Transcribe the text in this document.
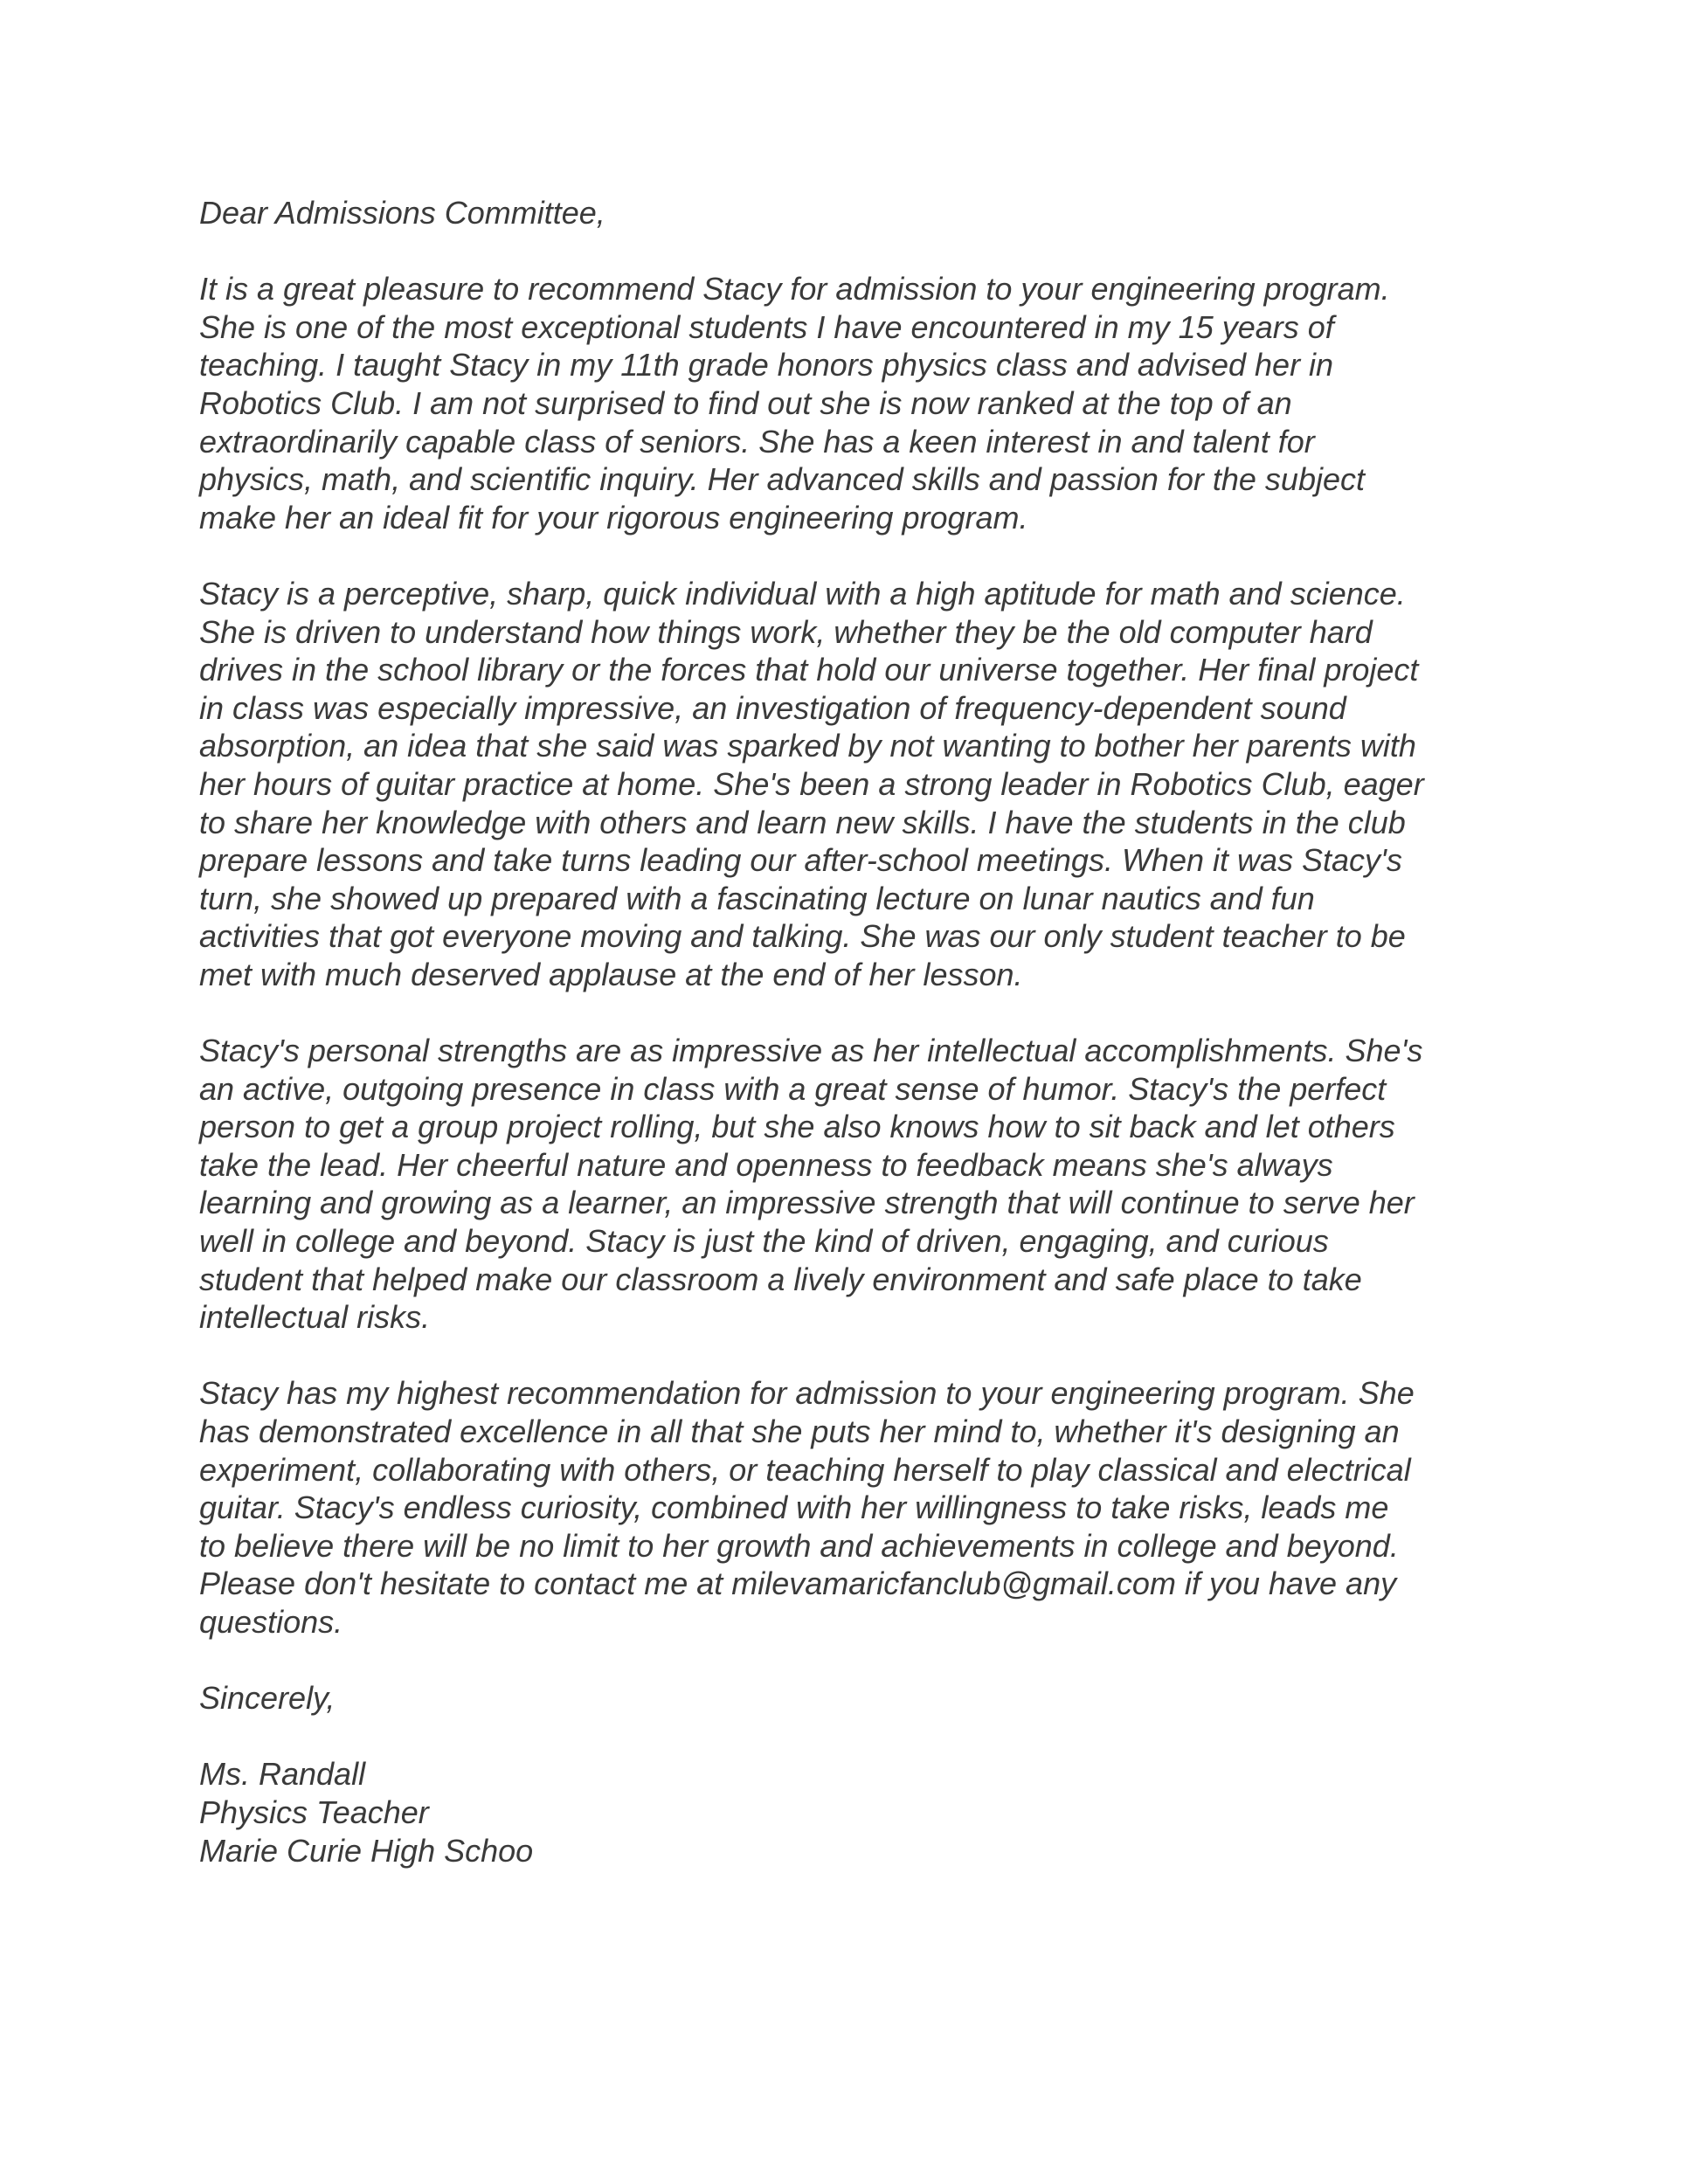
Dear Admissions Committee,

It is a great pleasure to recommend Stacy for admission to your engineering program.
She is one of the most exceptional students I have encountered in my 15 years of
teaching. I taught Stacy in my 11th grade honors physics class and advised her in
Robotics Club. I am not surprised to find out she is now ranked at the top of an
extraordinarily capable class of seniors. She has a keen interest in and talent for
physics, math, and scientific inquiry. Her advanced skills and passion for the subject
make her an ideal fit for your rigorous engineering program.

Stacy is a perceptive, sharp, quick individual with a high aptitude for math and science.
She is driven to understand how things work, whether they be the old computer hard
drives in the school library or the forces that hold our universe together. Her final project
in class was especially impressive, an investigation of frequency-dependent sound
absorption, an idea that she said was sparked by not wanting to bother her parents with
her hours of guitar practice at home. She's been a strong leader in Robotics Club, eager
to share her knowledge with others and learn new skills. I have the students in the club
prepare lessons and take turns leading our after-school meetings. When it was Stacy's
turn, she showed up prepared with a fascinating lecture on lunar nautics and fun
activities that got everyone moving and talking. She was our only student teacher to be
met with much deserved applause at the end of her lesson.

Stacy's personal strengths are as impressive as her intellectual accomplishments. She's
an active, outgoing presence in class with a great sense of humor. Stacy's the perfect
person to get a group project rolling, but she also knows how to sit back and let others
take the lead. Her cheerful nature and openness to feedback means she's always
learning and growing as a learner, an impressive strength that will continue to serve her
well in college and beyond. Stacy is just the kind of driven, engaging, and curious
student that helped make our classroom a lively environment and safe place to take
intellectual risks.

Stacy has my highest recommendation for admission to your engineering program. She
has demonstrated excellence in all that she puts her mind to, whether it's designing an
experiment, collaborating with others, or teaching herself to play classical and electrical
guitar. Stacy's endless curiosity, combined with her willingness to take risks, leads me
to believe there will be no limit to her growth and achievements in college and beyond.
Please don't hesitate to contact me at milevamaricfanclub@gmail.com if you have any
questions.

Sincerely,

Ms. Randall

Physics Teacher

Marie Curie High Schoo
